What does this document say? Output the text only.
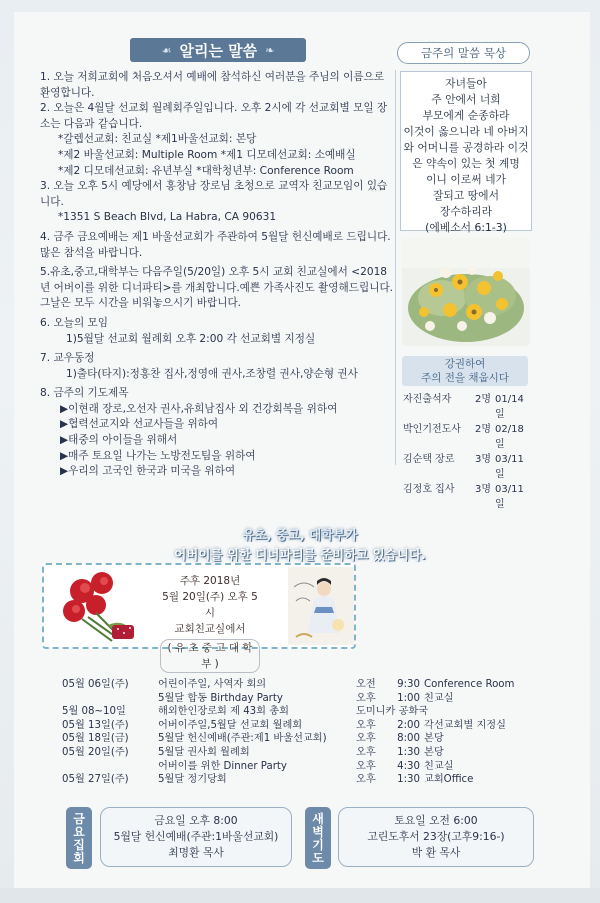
☙ 알리는 말씀 ❧

1. 오늘 저희교회에 처음오셔서 예배에 참석하신 여러분을 주님의 이름으로 환영합니다.

2. 오늘은 4월달 선교회 월례회주일입니다. 오후 2시에 각 선교회별 모일 장소는 다음과 같습니다.

*갈렙선교회: 친교실 *제1바울선교회: 본당

*제2 바울선교회: Multiple Room *제1 디모데선교회: 소예배실

*제2 디모데선교회: 유년부실 *대학청년부: Conference Room

3. 오늘 오후 5시 예당에서 홍창남 장로님 초청으로 교역자 친교모임이 있습니다.

*1351 S Beach Blvd, La Habra, CA 90631

4. 금주 금요예배는 제1 바울선교회가 주관하여 5월달 헌신예배로 드립니다. 많은 참석을 바랍니다.

5.유초,중고,대학부는 다음주일(5/20일) 오후 5시 교회 친교실에서 <2018년 어버이를 위한 디너파티>를 개최합니다.예쁜 가족사진도 촬영해드립니다. 그날은 모두 시간을 비워놓으시기 바랍니다.

6. 오늘의 모임

1)5월달 선교회 월례회 오후 2:00 각 선교회별 지정실

7. 교우동정

1)출타(타지):정홍찬 집사,정영애 권사,조창렬 권사,양순형 권사

8. 금주의 기도제목

▶이현래 장로,오선자 권사,유희남집사 외 건강회복을 위하여

▶협력선교지와 선교사들을 위하여

▶태중의 아이들을 위해서

▶매주 토요일 나가는 노방전도팀을 위하여

▶우리의 고국인 한국과 미국을 위하여

금주의 말씀 묵상
자녀들아
주 안에서 너희
부모에게 순종하라
이것이 옳으니라 네 아버지
와 어머니를 공경하라 이것
은 약속이 있는 첫 계명
이니 이로써 네가
잘되고 땅에서
장수하리라
(에베소서 6:1-3)
강권하여
주의 전을 채웁시다
자진출석자	2명 01/14일
박인기전도사	2명 02/18일
김순택 장로	3명 03/11일
김정호 집사	3명 03/11일
유초, 중고, 대학부가
어버이를 위한 디너파티를 준비하고 있습니다.
주후 2018년
5월 20일(주) 오후 5시
교회친교실에서
( 유 초 중 고 대 학 부 )
05월 06일(주)	어린이주일, 사역자 회의	오전	9:30 Conference Room
5월달 합동 Birthday Party	오후	1:00 친교실
5월 08~10일	해외한인장로회 제 43회 총회	도미니카 공화국
05월 13일(주)	어버이주일,5월달 선교회 월례회	오후	2:00 각선교회별 지정실
05월 18일(금)	5월달 헌신예배(주관:제1 바울선교회)	오후	8:00 본당
05월 20일(주)	5월달 권사회 월례회	오후	1:30 본당
어버이를 위한 Dinner Party	오후	4:30 친교실
05월 27일(주)	5월달 정기당회	오후	1:30 교회Office
금요집회
금요일 오후 8:00
5월달 헌신예배(주관:1바울선교회)
최명환 목사
새벽기도
토요일 오전 6:00
고린도후서 23장(고후9:16-)
박 환 목사
